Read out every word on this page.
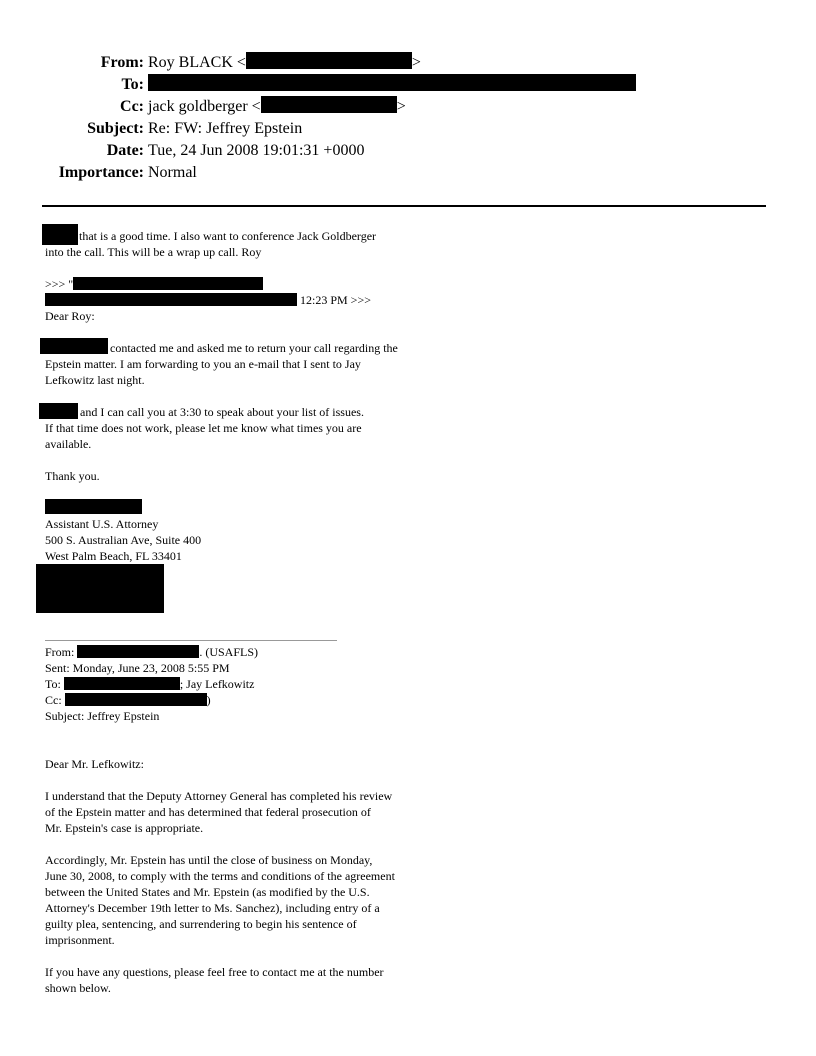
From: Roy BLACK <	>
To:
Cc: jack goldberger <	>
Subject: Re: FW: Jeffrey Epstein
Date: Tue, 24 Jun 2008 19:01:31 +0000
Importance: Normal
that is a good time. I also want to conference Jack Goldberger
into the call. This will be a wrap up call. Roy
>>> "
12:23 PM >>>
Dear Roy:
contacted me and asked me to return your call regarding the
Epstein matter. I am forwarding to you an e-mail that I sent to Jay
Lefkowitz last night.
and I can call you at 3:30 to speak about your list of issues.
If that time does not work, please let me know what times you are
available.
Thank you.
Assistant U.S. Attorney
500 S. Australian Ave, Suite 400
West Palm Beach, FL 33401
From:	. (USAFLS)
Sent: Monday, June 23, 2008 5:55 PM
To:	; Jay Lefkowitz
Cc:	)
Subject: Jeffrey Epstein
Dear Mr. Lefkowitz:
I understand that the Deputy Attorney General has completed his review
of the Epstein matter and has determined that federal prosecution of
Mr. Epstein's case is appropriate.
Accordingly, Mr. Epstein has until the close of business on Monday,
June 30, 2008, to comply with the terms and conditions of the agreement
between the United States and Mr. Epstein (as modified by the U.S.
Attorney's December 19th letter to Ms. Sanchez), including entry of a
guilty plea, sentencing, and surrendering to begin his sentence of
imprisonment.
If you have any questions, please feel free to contact me at the number
shown below.
